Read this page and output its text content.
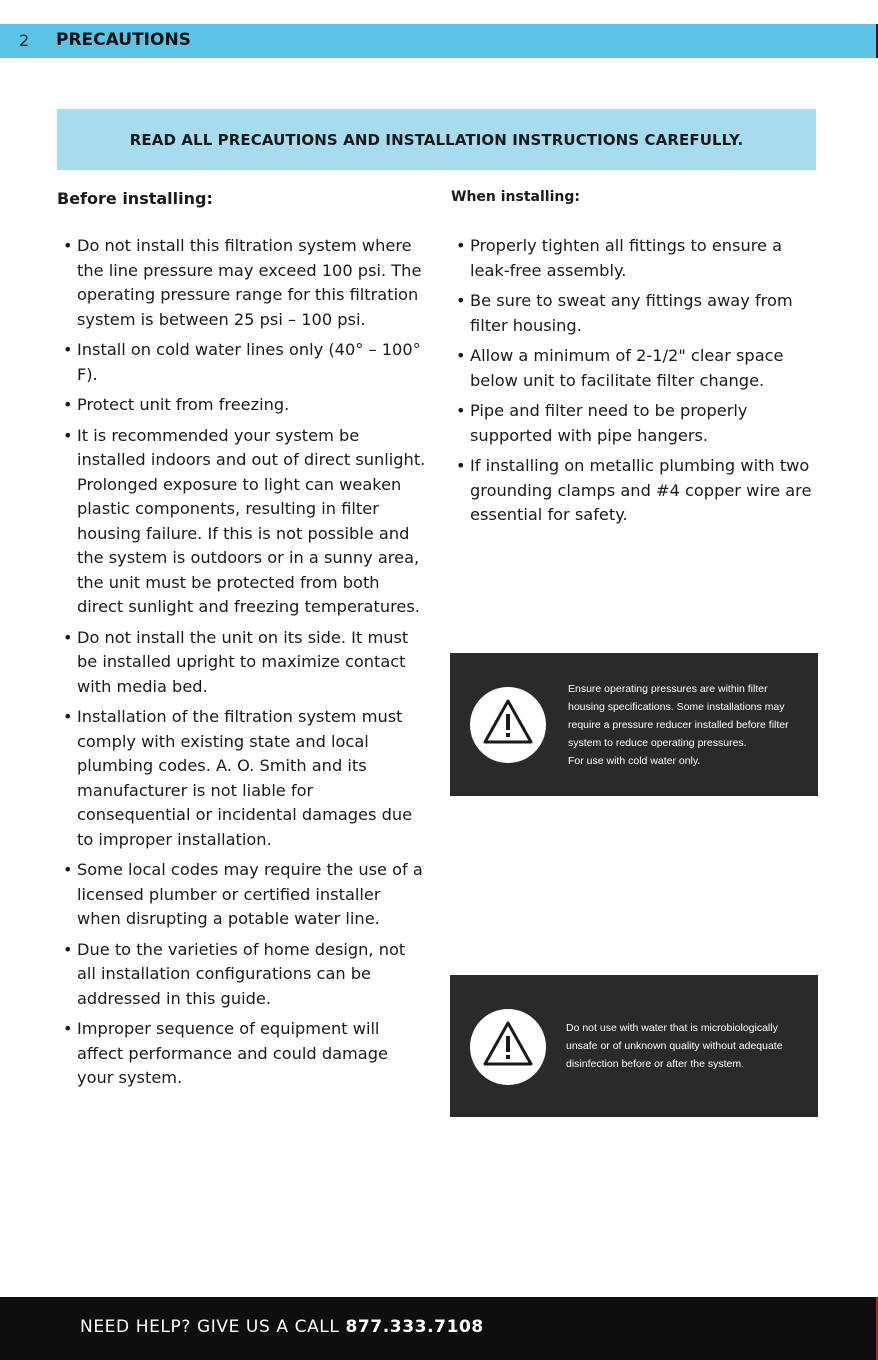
2 PRECAUTIONS
READ ALL PRECAUTIONS AND INSTALLATION INSTRUCTIONS CAREFULLY.
Before installing:
• Do not install this filtration system where the line pressure may exceed 100 psi. The operating pressure range for this filtration system is between 25 psi – 100 psi.
• Install on cold water lines only (40° – 100° F).
• Protect unit from freezing.
• It is recommended your system be installed indoors and out of direct sunlight. Prolonged exposure to light can weaken plastic components, resulting in filter housing failure. If this is not possible and the system is outdoors or in a sunny area, the unit must be protected from both direct sunlight and freezing temperatures.
• Do not install the unit on its side. It must be installed upright to maximize contact with media bed.
• Installation of the filtration system must comply with existing state and local plumbing codes. A. O. Smith and its manufacturer is not liable for consequential or incidental damages due to improper installation.
• Some local codes may require the use of a licensed plumber or certified installer when disrupting a potable water line.
• Due to the varieties of home design, not all installation configurations can be addressed in this guide.
• Improper sequence of equipment will affect performance and could damage your system.
When installing:
• Properly tighten all fittings to ensure a leak-free assembly.
• Be sure to sweat any fittings away from filter housing.
• Allow a minimum of 2-1/2" clear space below unit to facilitate filter change.
• Pipe and filter need to be properly supported with pipe hangers.
• If installing on metallic plumbing with two grounding clamps and #4 copper wire are essential for safety.
Ensure operating pressures are within filter
housing specifications. Some installations may
require a pressure reducer installed before filter
system to reduce operating pressures.
For use with cold water only.
Do not use with water that is microbiologically
unsafe or of unknown quality without adequate
disinfection before or after the system.
NEED HELP? GIVE US A CALL 877.333.7108
